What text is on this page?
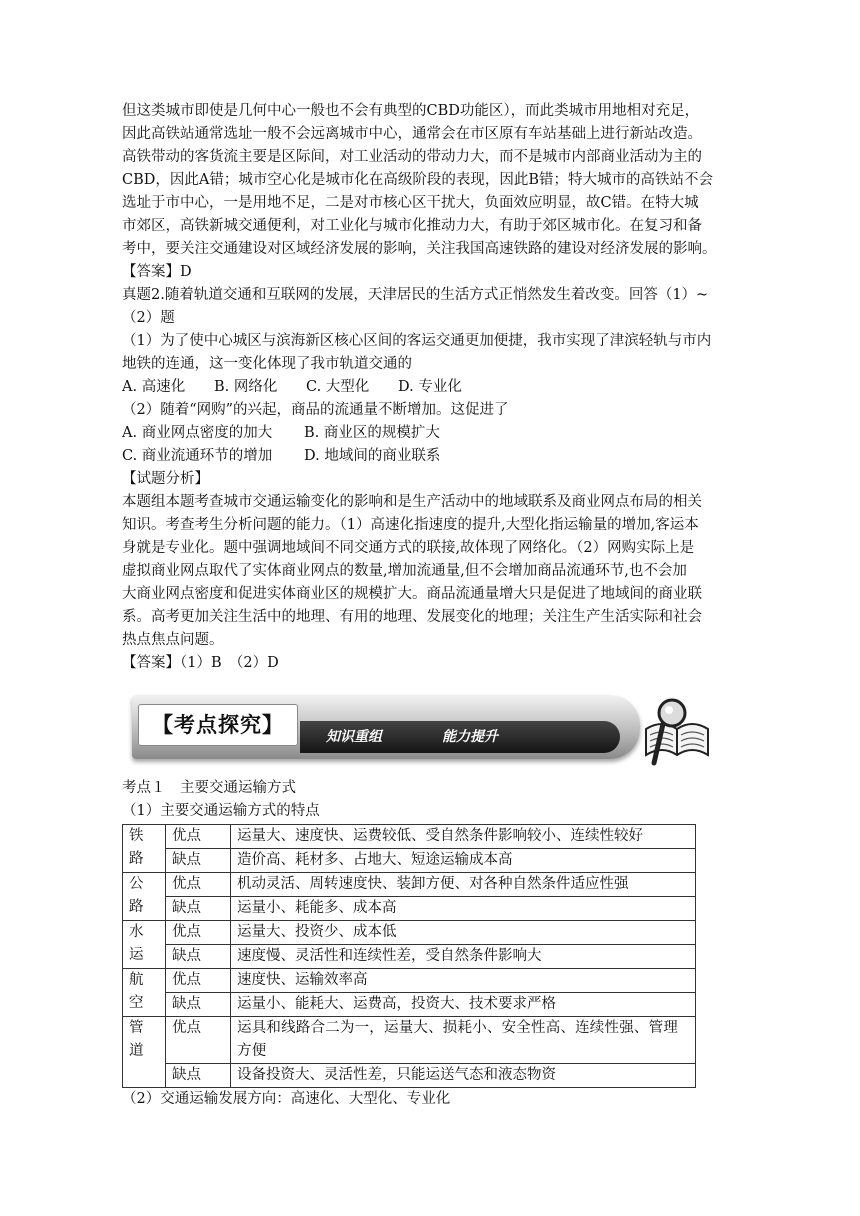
但这类城市即使是几何中心一般也不会有典型的CBD功能区），而此类城市用地相对充足，
因此高铁站通常选址一般不会远离城市中心，通常会在市区原有车站基础上进行新站改造。
高铁带动的客货流主要是区际间，对工业活动的带动力大，而不是城市内部商业活动为主的
CBD，因此A错；城市空心化是城市化在高级阶段的表现，因此B错；特大城市的高铁站不会
选址于市中心，一是用地不足，二是对市核心区干扰大，负面效应明显，故C错。在特大城
市郊区，高铁新城交通便利，对工业化与城市化推动力大，有助于郊区城市化。在复习和备
考中，要关注交通建设对区域经济发展的影响，关注我国高速铁路的建设对经济发展的影响。
【答案】D
真题2.随着轨道交通和互联网的发展，天津居民的生活方式正悄然发生着改变。回答（1）~
（2）题
（1）为了使中心城区与滨海新区核心区间的客运交通更加便捷，我市实现了津滨轻轨与市内
地铁的连通，这一变化体现了我市轨道交通的
A. 高速化 B. 网络化 C. 大型化 D. 专业化
（2）随着“网购”的兴起，商品的流通量不断增加。这促进了
A. 商业网点密度的加大 B. 商业区的规模扩大
C. 商业流通环节的增加 D. 地域间的商业联系
【试题分析】
本题组本题考查城市交通运输变化的影响和是生产活动中的地域联系及商业网点布局的相关
知识。考查考生分析问题的能力。（1）高速化指速度的提升,大型化指运输量的增加,客运本
身就是专业化。题中强调地域间不同交通方式的联接,故体现了网络化。（2）网购实际上是
虚拟商业网点取代了实体商业网点的数量,增加流通量,但不会增加商品流通环节,也不会加
大商业网点密度和促进实体商业区的规模扩大。商品流通量增大只是促进了地域间的商业联
系。高考更加关注生活中的地理、有用的地理、发展变化的地理；关注生产生活实际和社会
热点焦点问题。
【答案】（1）B　（2）D
【考点探究】	知识重组	能力提升
考点１　主要交通运输方式
（1）主要交通运输方式的特点
铁
路	优点	运量大、速度快、运费较低、受自然条件影响较小、连续性较好
	缺点	造价高、耗材多、占地大、短途运输成本高

公
路	优点	机动灵活、周转速度快、装卸方便、对各种自然条件适应性强
	缺点	运量小、耗能多、成本高

水
运	优点	运量大、投资少、成本低
	缺点	速度慢、灵活性和连续性差，受自然条件影响大

航
空	优点	速度快、运输效率高
	缺点	运量小、能耗大、运费高，投资大、技术要求严格

管
道	优点	运具和线路合二为一，运量大、损耗小、安全性高、连续性强、管理方便
	缺点	设备投资大、灵活性差，只能运送气态和液态物资
（2）交通运输发展方向：高速化、大型化、专业化
